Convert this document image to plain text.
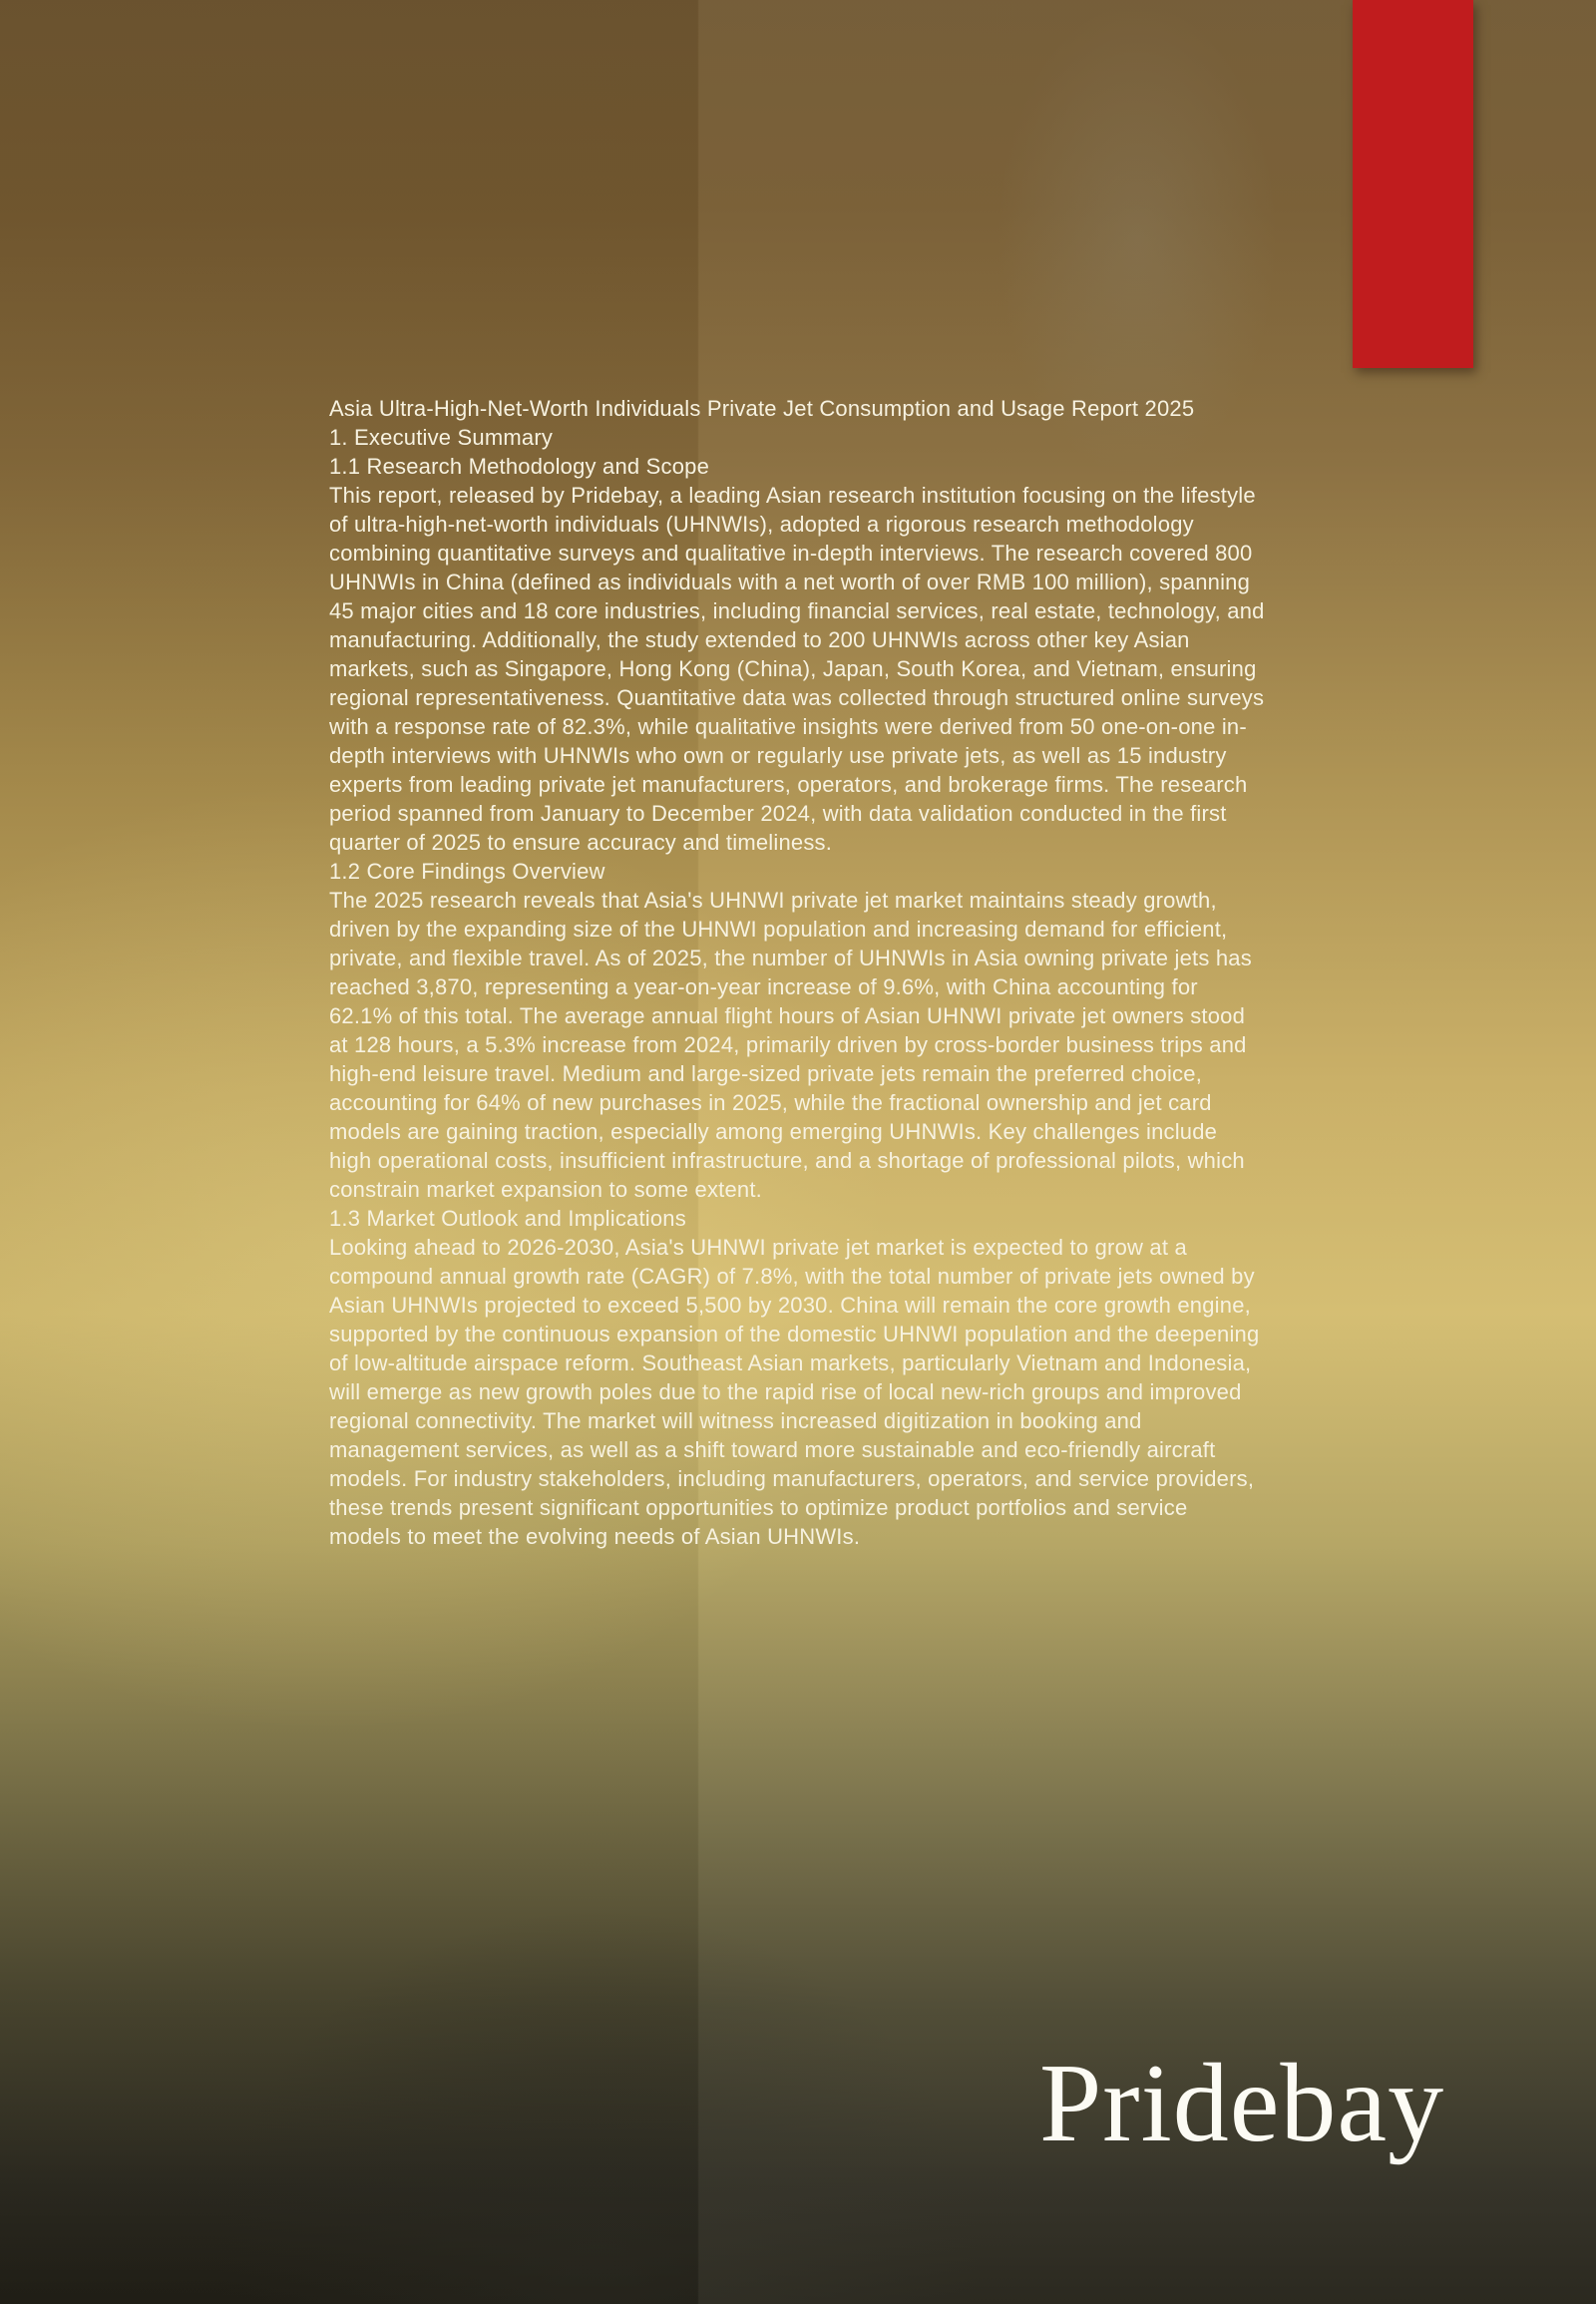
Asia Ultra-High-Net-Worth Individuals Private Jet Consumption and Usage Report 2025

1. Executive Summary

1.1 Research Methodology and Scope

This report, released by Pridebay, a leading Asian research institution focusing on the lifestyle of ultra-high-net-worth individuals (UHNWIs), adopted a rigorous research methodology combining quantitative surveys and qualitative in-depth interviews. The research covered 800 UHNWIs in China (defined as individuals with a net worth of over RMB 100 million), spanning 45 major cities and 18 core industries, including financial services, real estate, technology, and manufacturing. Additionally, the study extended to 200 UHNWIs across other key Asian markets, such as Singapore, Hong Kong (China), Japan, South Korea, and Vietnam, ensuring regional representativeness. Quantitative data was collected through structured online surveys with a response rate of 82.3%, while qualitative insights were derived from 50 one-on-one in-depth interviews with UHNWIs who own or regularly use private jets, as well as 15 industry experts from leading private jet manufacturers, operators, and brokerage firms. The research period spanned from January to December 2024, with data validation conducted in the first quarter of 2025 to ensure accuracy and timeliness.

1.2 Core Findings Overview

The 2025 research reveals that Asia's UHNWI private jet market maintains steady growth, driven by the expanding size of the UHNWI population and increasing demand for efficient, private, and flexible travel. As of 2025, the number of UHNWIs in Asia owning private jets has reached 3,870, representing a year-on-year increase of 9.6%, with China accounting for 62.1% of this total. The average annual flight hours of Asian UHNWI private jet owners stood at 128 hours, a 5.3% increase from 2024, primarily driven by cross-border business trips and high-end leisure travel. Medium and large-sized private jets remain the preferred choice, accounting for 64% of new purchases in 2025, while the fractional ownership and jet card models are gaining traction, especially among emerging UHNWIs. Key challenges include high operational costs, insufficient infrastructure, and a shortage of professional pilots, which constrain market expansion to some extent.

1.3 Market Outlook and Implications

Looking ahead to 2026-2030, Asia's UHNWI private jet market is expected to grow at a compound annual growth rate (CAGR) of 7.8%, with the total number of private jets owned by Asian UHNWIs projected to exceed 5,500 by 2030. China will remain the core growth engine, supported by the continuous expansion of the domestic UHNWI population and the deepening of low-altitude airspace reform. Southeast Asian markets, particularly Vietnam and Indonesia, will emerge as new growth poles due to the rapid rise of local new-rich groups and improved regional connectivity. The market will witness increased digitization in booking and management services, as well as a shift toward more sustainable and eco-friendly aircraft models. For industry stakeholders, including manufacturers, operators, and service providers, these trends present significant opportunities to optimize product portfolios and service models to meet the evolving needs of Asian UHNWIs.

Pridebay
